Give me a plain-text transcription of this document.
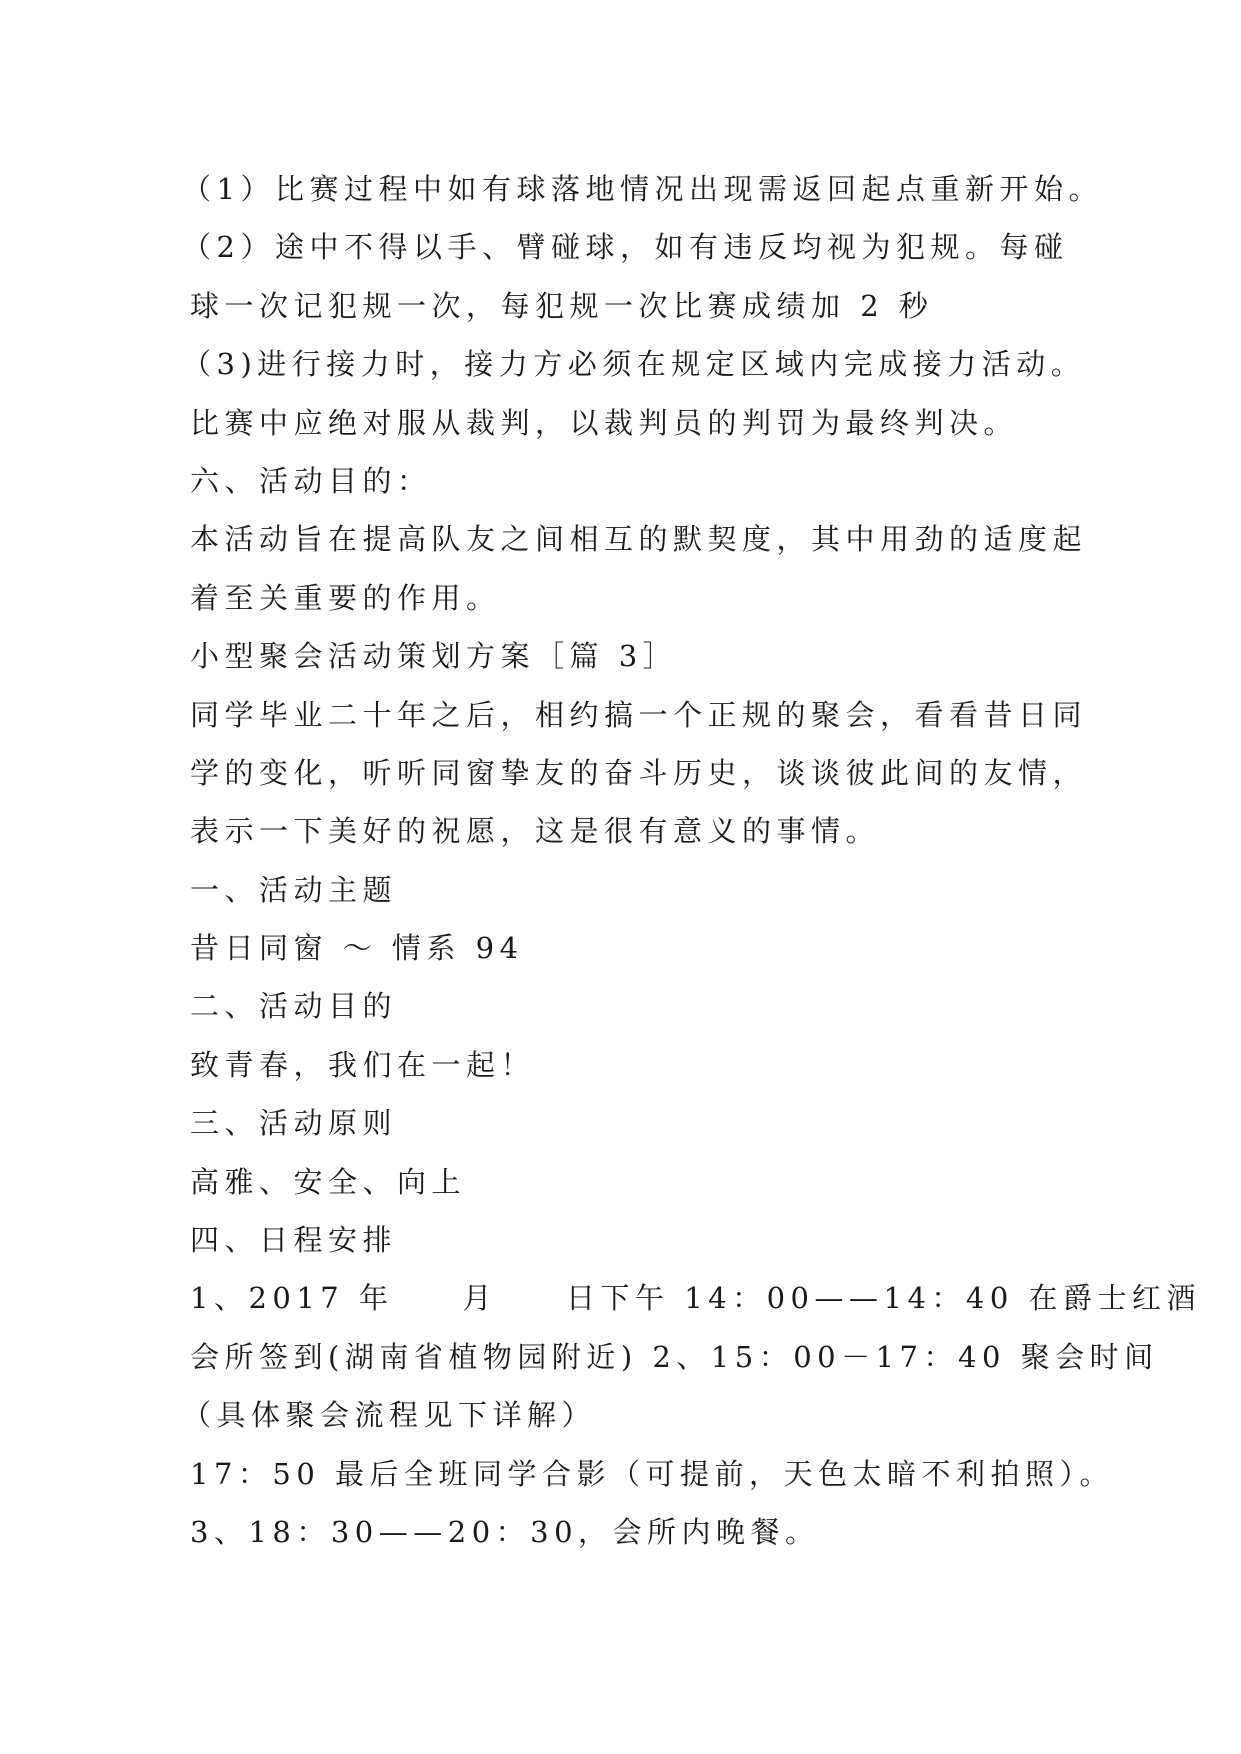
（1）比赛过程中如有球落地情况出现需返回起点重新开始。
（2）途中不得以手、臂碰球，如有违反均视为犯规。每碰
球一次记犯规一次，每犯规一次比赛成绩加 2 秒
（3)进行接力时，接力方必须在规定区域内完成接力活动。
比赛中应绝对服从裁判，以裁判员的判罚为最终判决。
六、活动目的：
本活动旨在提高队友之间相互的默契度，其中用劲的适度起
着至关重要的作用。
小型聚会活动策划方案［篇 3］
同学毕业二十年之后，相约搞一个正规的聚会，看看昔日同
学的变化，听听同窗挚友的奋斗历史，谈谈彼此间的友情，
表示一下美好的祝愿，这是很有意义的事情。
一、活动主题
昔日同窗 ～ 情系 94
二、活动目的
致青春，我们在一起！
三、活动原则
高雅、安全、向上
四、日程安排
1、2017 年　　月　　日下午 14：00——14：40 在爵士红酒
会所签到(湖南省植物园附近) 2、15：00－17：40 聚会时间
（具体聚会流程见下详解）
17：50 最后全班同学合影（可提前，天色太暗不利拍照）。
3、18：30——20：30，会所内晚餐。
